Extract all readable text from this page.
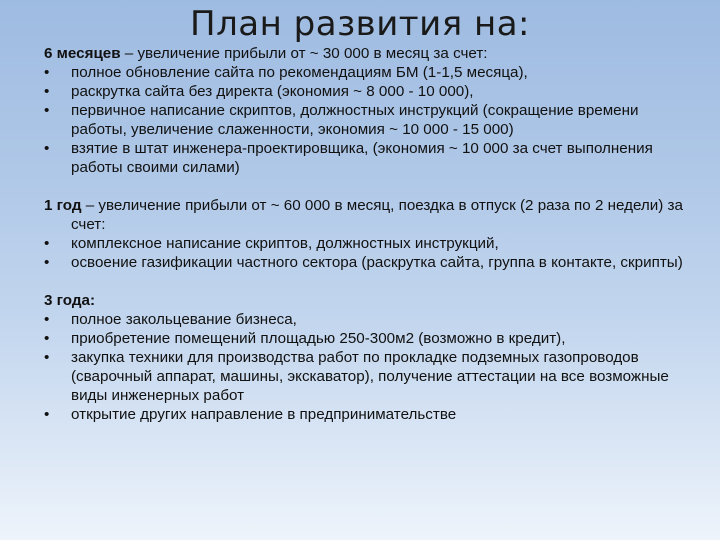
План развития на:

6 месяцев – увеличение прибыли от ~ 30 000 в месяц за счет:

•	полное обновление сайта по рекомендациям БМ (1-1,5 месяца),
•	раскрутка сайта без директа (экономия ~ 8 000 - 10 000),
•	первичное написание скриптов, должностных инструкций (сокращение времени работы, увеличение слаженности, экономия ~ 10 000 - 15 000)
•	взятие в штат инженера-проектировщика, (экономия ~ 10 000 за счет выполнения работы своими силами)

1 год – увеличение прибыли от ~ 60 000 в месяц, поездка в отпуск (2 раза по 2 недели) за счет:

•	комплексное написание скриптов, должностных инструкций,
•	освоение газификации частного сектора (раскрутка сайта, группа в контакте, скрипты)

3 года:

•	полное закольцевание бизнеса,
•	приобретение помещений площадью 250-300м2 (возможно в кредит),
•	закупка техники для производства работ по прокладке подземных газопроводов (сварочный аппарат, машины, экскаватор), получение аттестации на все возможные виды инженерных работ
•	открытие других направление в предпринимательстве
